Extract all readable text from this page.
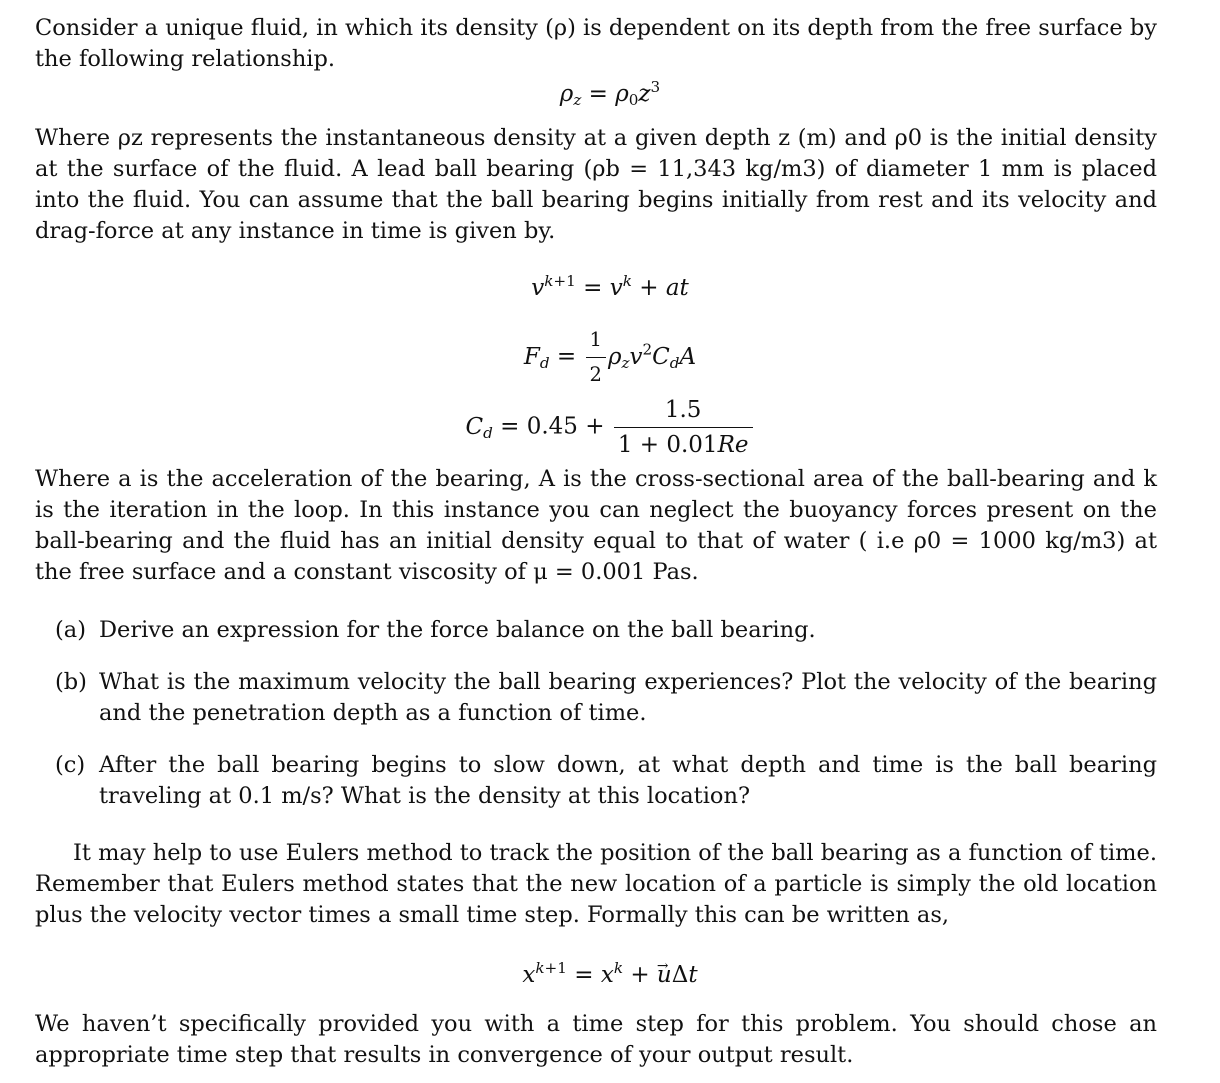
Consider a unique fluid, in which its density (ρ) is dependent on its depth from the free surface by the following relationship.

$\rho_z = \rho_0z^3$

Where ρz represents the instantaneous density at a given depth z (m) and ρ0 is the initial density at the surface of the fluid. A lead ball bearing (ρb = 11,343 kg/m3) of diameter 1 mm is placed into the fluid. You can assume that the ball bearing begins initially from rest and its velocity and drag-force at any instance in time is given by.

$v^{k+1} = v^k$ + at
$F_d = \frac{1}{2} \rho_zv^2C_dA$
$C_d = 0.45 + \frac{1.5}{1 + 0.01Re}$

Where a is the acceleration of the bearing, A is the cross-sectional area of the ball-bearing and k is the iteration in the loop. In this instance you can neglect the buoyancy forces present on the ball-bearing and the fluid has an initial density equal to that of water ( i.e ρ0 = 1000 kg/m3) at the free surface and a constant viscosity of μ = 0.001 Pas.

(a) Derive an expression for the force balance on the ball bearing.
(b) What is the maximum velocity the ball bearing experiences? Plot the velocity of the bearing and the penetration depth as a function of time.
(c) After the ball bearing begins to slow down, at what depth and time is the ball bearing traveling at 0.1 m/s? What is the density at this location?

It may help to use Eulers method to track the position of the ball bearing as a function of time. Remember that Eulers method states that the new location of a particle is simply the old location plus the velocity vector times a small time step. Formally this can be written as,

$x^{k+1} = x^k$ + → uΔt

We haven’t specifically provided you with a time step for this problem. You should chose an appropriate time step that results in convergence of your output result.
